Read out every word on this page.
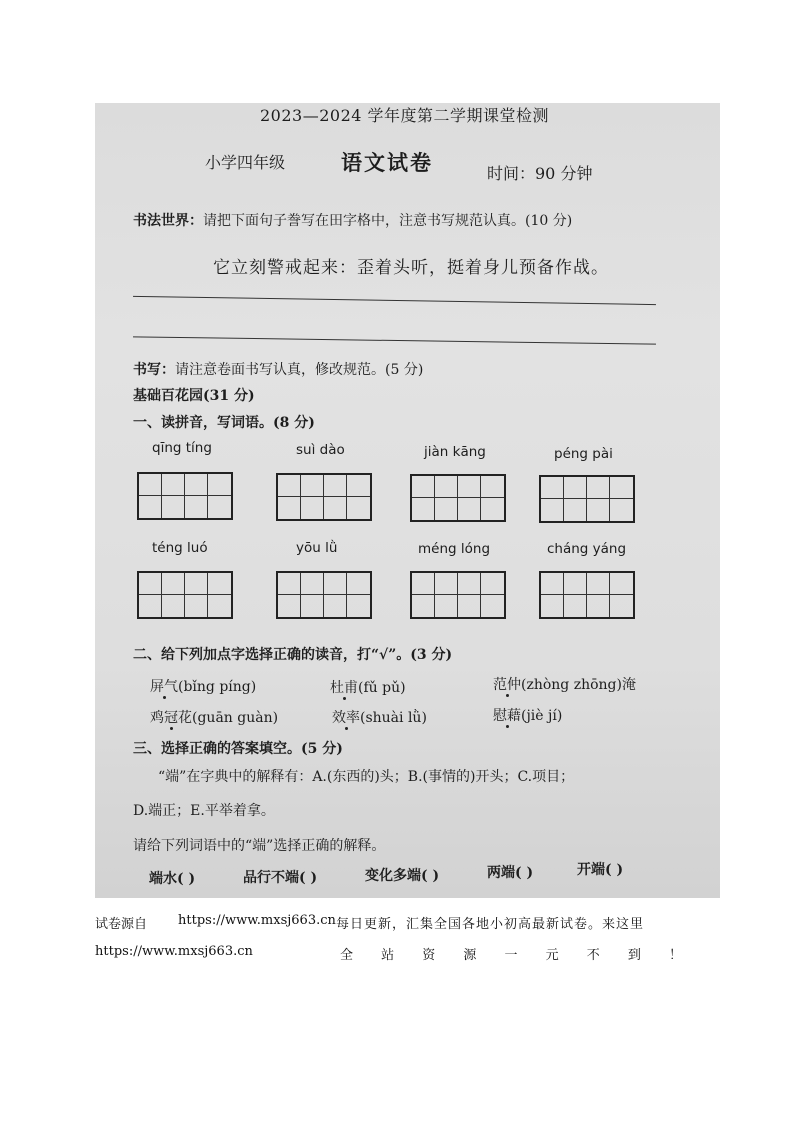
2023—2024 学年度第二学期课堂检测
小学四年级	语文试卷	时间：90 分钟
书法世界：请把下面句子誊写在田字格中，注意书写规范认真。(10 分)
它立刻警戒起来：歪着头听，挺着身儿预备作战。
书写：请注意卷面书写认真，修改规范。(5 分)
基础百花园(31 分)
一、读拼音，写词语。(8 分)
qīng tíng	suì dào	jiàn kāng	péng pài
téng luó	yōu lǜ	méng lóng	cháng yáng
二、给下列加点字选择正确的读音，打“√”。(3 分)
屏气(bǐng píng)	杜甫(fǔ pǔ)	范仲(zhòng zhōng)淹
鸡冠花(guān guàn)	效率(shuài lǜ)	慰藉(jiè jí)
三、选择正确的答案填空。(5 分)
“端”在字典中的解释有：A.(东西的)头；B.(事情的)开头；C.项目；
D.端正；E.平举着拿。
请给下列词语中的“端”选择正确的解释。
端水( )	品行不端( )	变化多端( )	两端( )	开端( )
试卷源自 https://www.mxsj663.cn 每日更新，汇集全国各地小初高最新试卷。来这里
https://www.mxsj663.cn	全 站 资 源 一 元 不 到 ！
